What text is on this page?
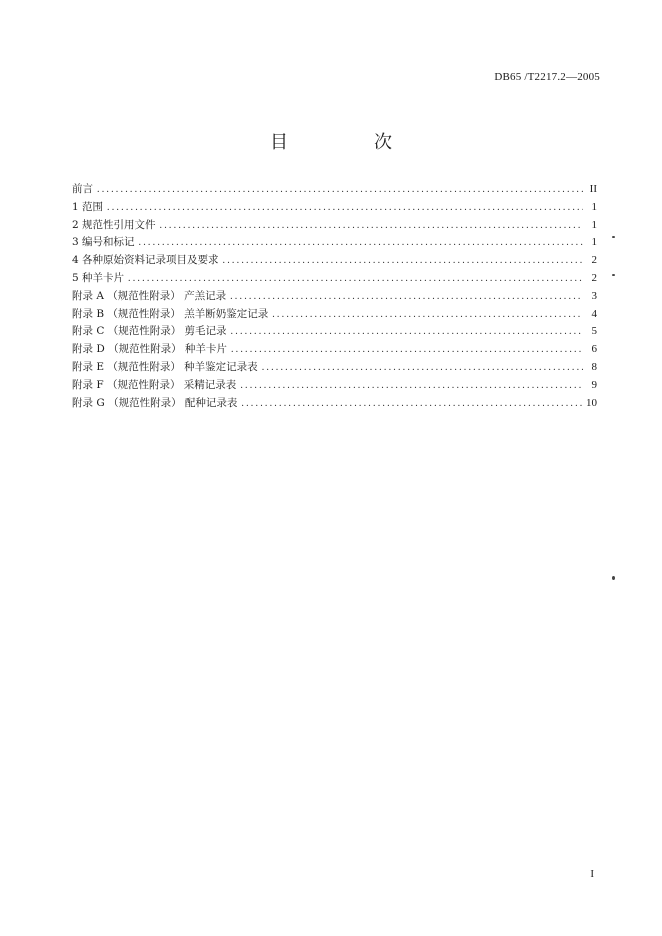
DB65 /T2217.2—2005
目　次
前言 .....	II
1 范围 .....	1
2 规范性引用文件 .....	1
3 编号和标记 .....	1
4 各种原始资料记录项目及要求 .....	2
5 种羊卡片 .....	2
附录 A （规范性附录） 产羔记录 .....	3
附录 B （规范性附录） 羔羊断奶鉴定记录 .....	4
附录 C （规范性附录） 剪毛记录 .....	5
附录 D （规范性附录） 种羊卡片 .....	6
附录 E （规范性附录） 种羊鉴定记录表 .....	8
附录 F （规范性附录） 采精记录表 .....	9
附录 G （规范性附录） 配种记录表 .....	10
I
